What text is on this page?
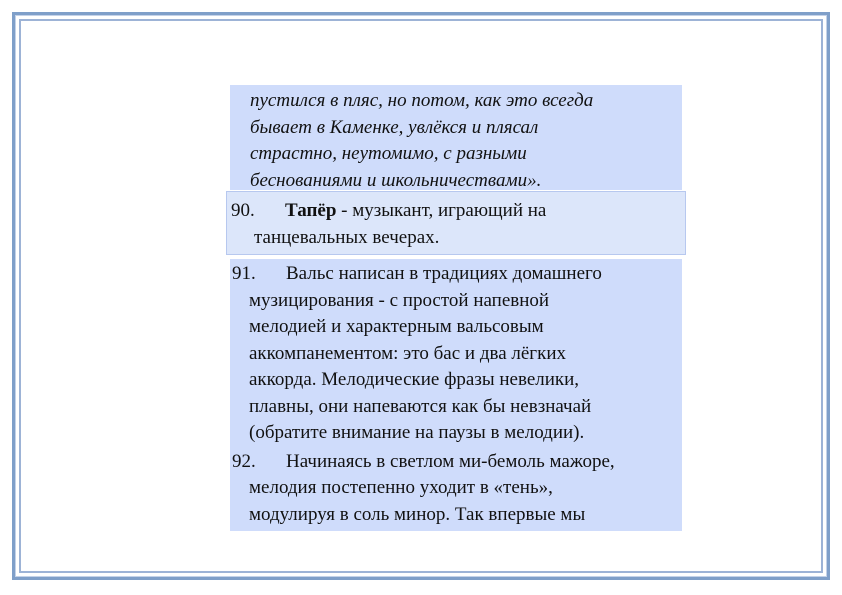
пустился в пляс, но потом, как это всегда
бывает в Каменке, увлёкся и плясал
страстно, неутомимо, с разными
беснованиями и школьничествами».

90. Тапёр - музыкант, играющий на
танцевальных вечерах.

91. Вальс написан в традициях домашнего
музицирования - с простой напевной
мелодией и характерным вальсовым
аккомпанементом: это бас и два лёгких
аккорда. Мелодические фразы невелики,
плавны, они напеваются как бы невзначай
(обратите внимание на паузы в мелодии).

92. Начинаясь в светлом ми-бемоль мажоре,
мелодия постепенно уходит в «тень»,
модулируя в соль минор. Так впервые мы
